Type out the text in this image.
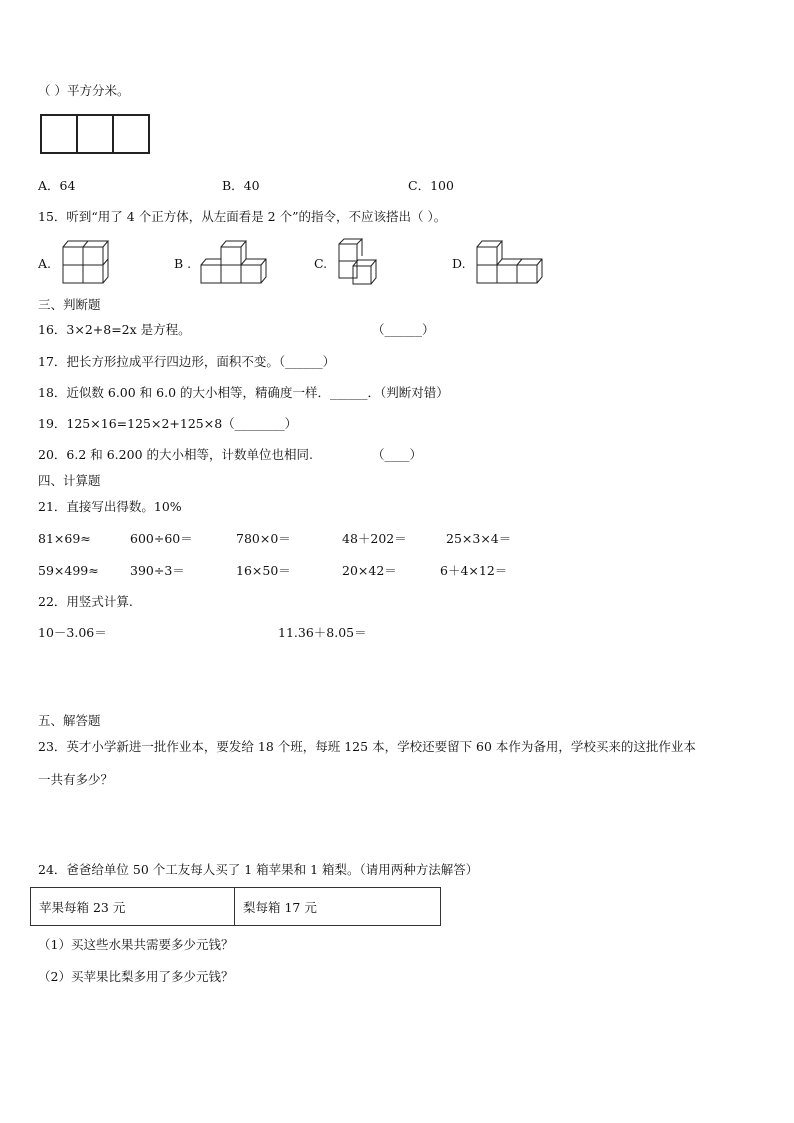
（ ）平方分米。
A．64	B．40	C．100
15．听到“用了 4 个正方体，从左面看是 2 个”的指令，不应该搭出（ ）。
A.	B .	C.	D.
三、判断题
16．3×2+8=2x 是方程。	（______）
17．把长方形拉成平行四边形，面积不变。（______）
18．近似数 6.00 和 6.0 的大小相等，精确度一样．______．（判断对错）
19．125×16=125×2+125×8（________）
20．6.2 和 6.200 的大小相等，计数单位也相同.	（____）
四、计算题
21．直接写出得数。10%
81×69≈	600÷60＝	780×0＝	48＋202＝	25×3×4＝
59×499≈	390÷3＝	16×50＝	20×42＝	6＋4×12＝
22．用竖式计算.
10－3.06＝	11.36＋8.05＝
五、解答题
23．英才小学新进一批作业本，要发给 18 个班，每班 125 本，学校还要留下 60 本作为备用，学校买来的这批作业本
一共有多少？
24．爸爸给单位 50 个工友每人买了 1 箱苹果和 1 箱梨。（请用两种方法解答）
苹果每箱 23 元	梨每箱 17 元
（1）买这些水果共需要多少元钱？
（2）买苹果比梨多用了多少元钱？
